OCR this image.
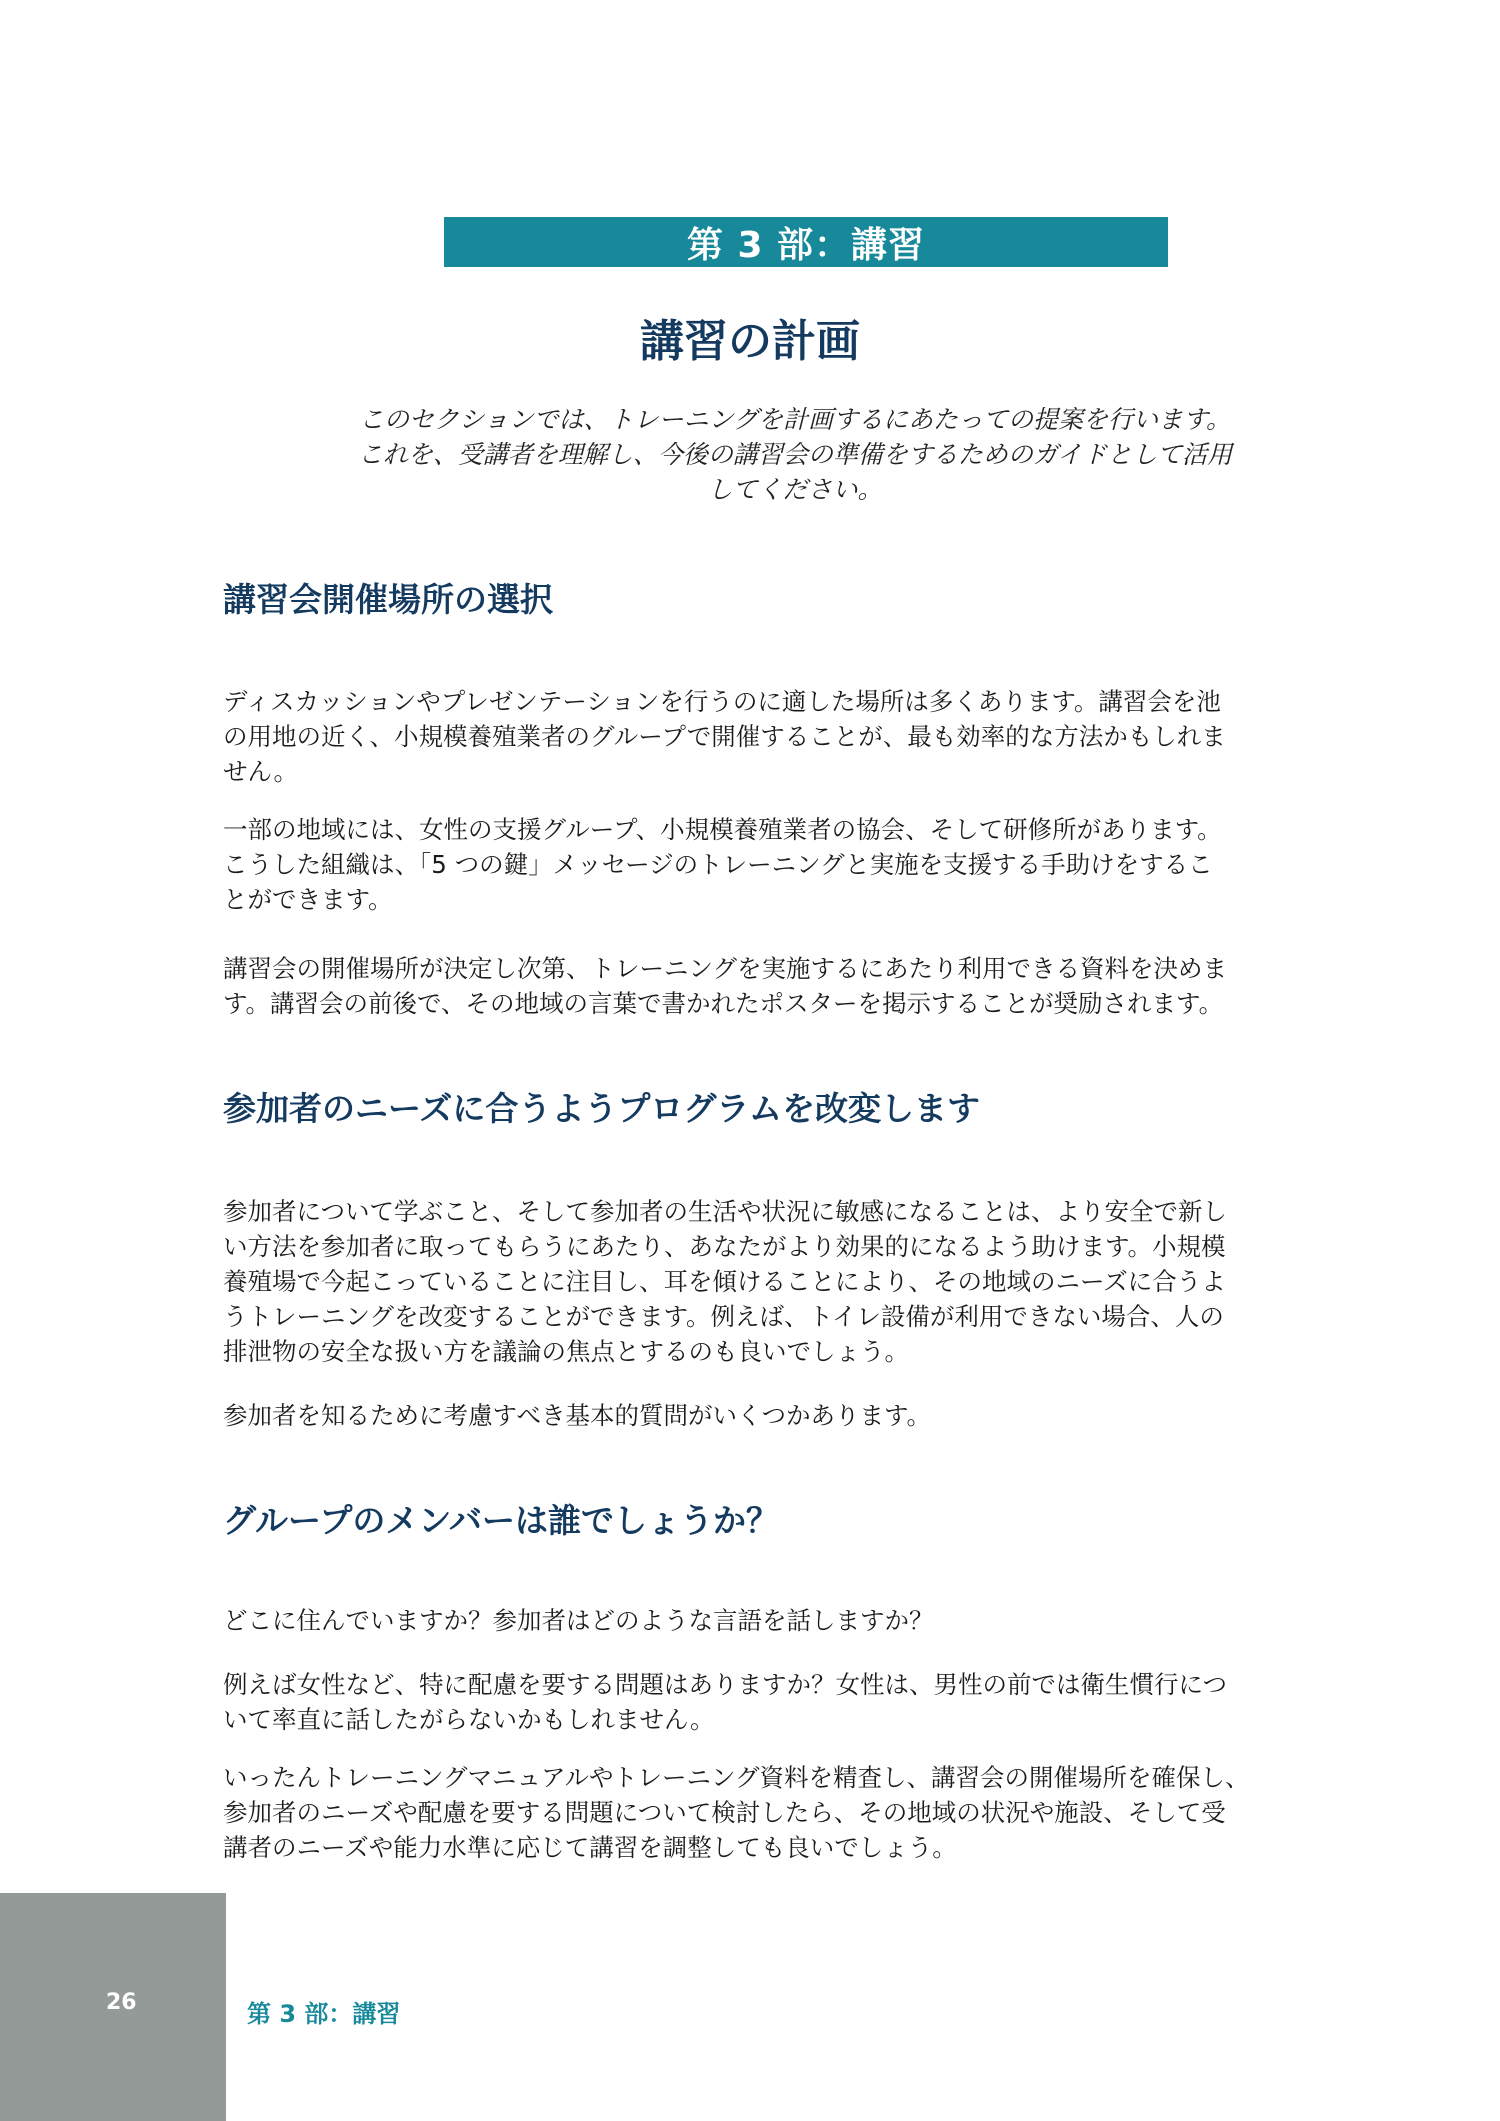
第 3 部：講習
講習の計画
このセクションでは、トレーニングを計画するにあたっての提案を行います。
これを、受講者を理解し、今後の講習会の準備をするためのガイドとして活用
してください。
講習会開催場所の選択
ディスカッションやプレゼンテーションを行うのに適した場所は多くあります。講習会を池
の用地の近く、小規模養殖業者のグループで開催することが、最も効率的な方法かもしれま
せん。
一部の地域には、女性の支援グループ、小規模養殖業者の協会、そして研修所があります。
こうした組織は、「5 つの鍵」メッセージのトレーニングと実施を支援する手助けをするこ
とができます。
講習会の開催場所が決定し次第、トレーニングを実施するにあたり利用できる資料を決めま
す。講習会の前後で、その地域の言葉で書かれたポスターを掲示することが奨励されます。
参加者のニーズに合うようプログラムを改変します
参加者について学ぶこと、そして参加者の生活や状況に敏感になることは、より安全で新し
い方法を参加者に取ってもらうにあたり、あなたがより効果的になるよう助けます。小規模
養殖場で今起こっていることに注目し、耳を傾けることにより、その地域のニーズに合うよ
うトレーニングを改変することができます。例えば、トイレ設備が利用できない場合、人の
排泄物の安全な扱い方を議論の焦点とするのも良いでしょう。
参加者を知るために考慮すべき基本的質問がいくつかあります。
グループのメンバーは誰でしょうか？
どこに住んでいますか？参加者はどのような言語を話しますか？
例えば女性など、特に配慮を要する問題はありますか？女性は、男性の前では衛生慣行につ
いて率直に話したがらないかもしれません。
いったんトレーニングマニュアルやトレーニング資料を精査し、講習会の開催場所を確保し、
参加者のニーズや配慮を要する問題について検討したら、その地域の状況や施設、そして受
講者のニーズや能力水準に応じて講習を調整しても良いでしょう。
26	第 3 部：講習
